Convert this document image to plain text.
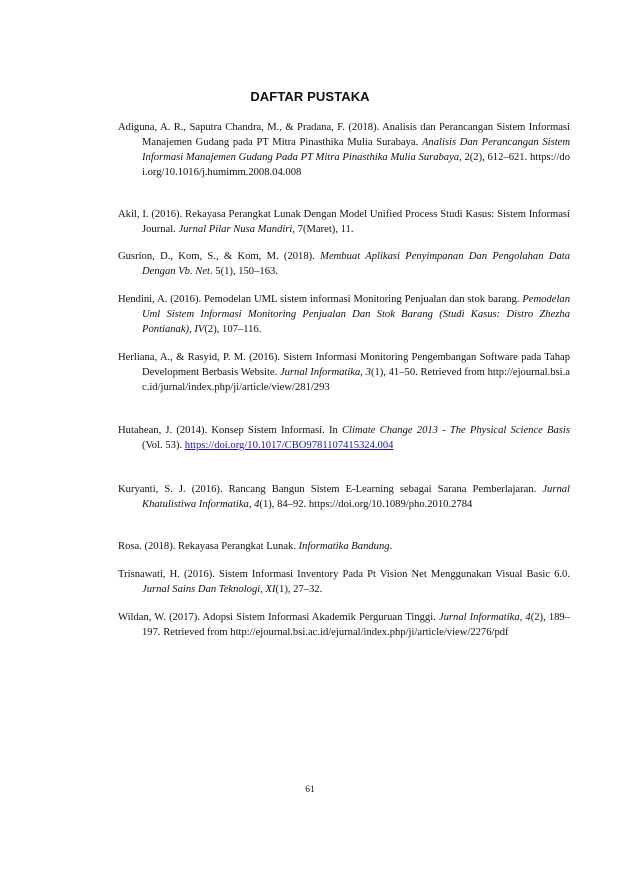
DAFTAR PUSTAKA

Adiguna, A. R., Saputra Chandra, M., & Pradana, F. (2018). Analisis dan Perancangan Sistem Informasi Manajemen Gudang pada PT Mitra Pinasthika Mulia Surabaya. Analisis Dan Perancangan Sistem Informasi Manajemen Gudang Pada PT Mitra Pinasthika Mulia Surabaya, 2(2), 612–621. https://doi.org/10.1016/j.humimm.2008.04.008

Akil, I. (2016). Rekayasa Perangkat Lunak Dengan Model Unified Process Studi Kasus: Sistem Informasi Journal. Jurnal Pilar Nusa Mandiri, 7(Maret), 11.

Gusrion, D., Kom, S., & Kom, M. (2018). Membuat Aplikasi Penyimpanan Dan Pengolahan Data Dengan Vb. Net. 5(1), 150–163.

Hendini, A. (2016). Pemodelan UML sistem informasi Monitoring Penjualan dan stok barang. Pemodelan Uml Sistem Informasi Monitoring Penjualan Dan Stok Barang (Studi Kasus: Distro Zhezha Pontianak), IV(2), 107–116.

Herliana, A., & Rasyid, P. M. (2016). Sistem Informasi Monitoring Pengembangan Software pada Tahap Development Berbasis Website. Jurnal Informatika, 3(1), 41–50. Retrieved from http://ejournal.bsi.ac.id/jurnal/index.php/ji/article/view/281/293

Hutahean, J. (2014). Konsep Sistem Informasi. In Climate Change 2013 - The Physical Science Basis (Vol. 53). https://doi.org/10.1017/CBO9781107415324.004

Kuryanti, S. J. (2016). Rancang Bangun Sistem E-Learning sebagai Sarana Pemberlajaran. Jurnal Khatulistiwa Informatika, 4(1), 84–92. https://doi.org/10.1089/pho.2010.2784

Rosa. (2018). Rekayasa Perangkat Lunak. Informatika Bandung.

Trisnawati, H. (2016). Sistem Informasi Inventory Pada Pt Vision Net Menggunakan Visual Basic 6.0. Jurnal Sains Dan Teknologi, XI(1), 27–32.

Wildan, W. (2017). Adopsi Sistem Informasi Akademik Perguruan Tinggi. Jurnal Informatika, 4(2), 189–197. Retrieved from http://ejournal.bsi.ac.id/ejurnal/index.php/ji/article/view/2276/pdf

61
